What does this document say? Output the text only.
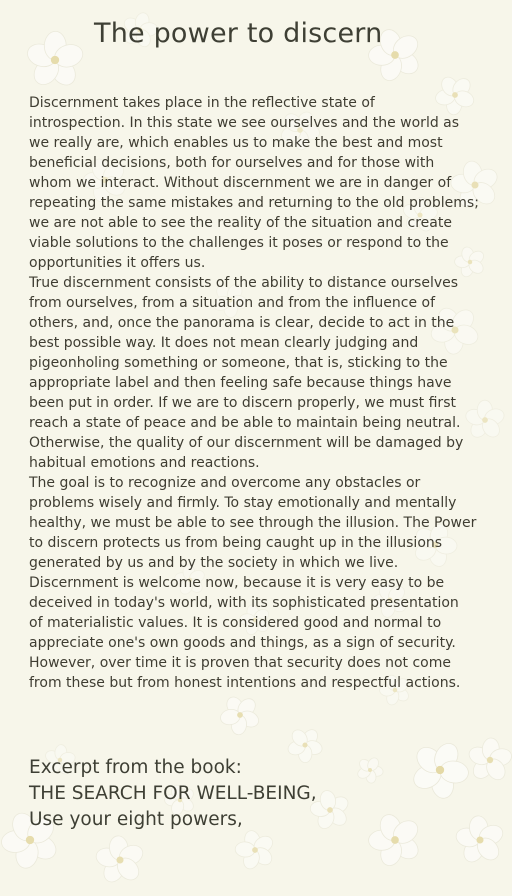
The power to discern

Discernment takes place in the reflective state of

introspection. In this state we see ourselves and the world as

we really are, which enables us to make the best and most

beneficial decisions, both for ourselves and for those with

whom we interact. Without discernment we are in danger of

repeating the same mistakes and returning to the old problems;

we are not able to see the reality of the situation and create

viable solutions to the challenges it poses or respond to the

opportunities it offers us.

True discernment consists of the ability to distance ourselves

from ourselves, from a situation and from the influence of

others, and, once the panorama is clear, decide to act in the

best possible way. It does not mean clearly judging and

pigeonholing something or someone, that is, sticking to the

appropriate label and then feeling safe because things have

been put in order. If we are to discern properly, we must first

reach a state of peace and be able to maintain being neutral.

Otherwise, the quality of our discernment will be damaged by

habitual emotions and reactions.

The goal is to recognize and overcome any obstacles or

problems wisely and firmly. To stay emotionally and mentally

healthy, we must be able to see through the illusion. The Power

to discern protects us from being caught up in the illusions

generated by us and by the society in which we live.

Discernment is welcome now, because it is very easy to be

deceived in today's world, with its sophisticated presentation

of materialistic values. It is considered good and normal to

appreciate one's own goods and things, as a sign of security.

However, over time it is proven that security does not come

from these but from honest intentions and respectful actions.

Excerpt from the book:

THE SEARCH FOR WELL-BEING,

Use your eight powers,
